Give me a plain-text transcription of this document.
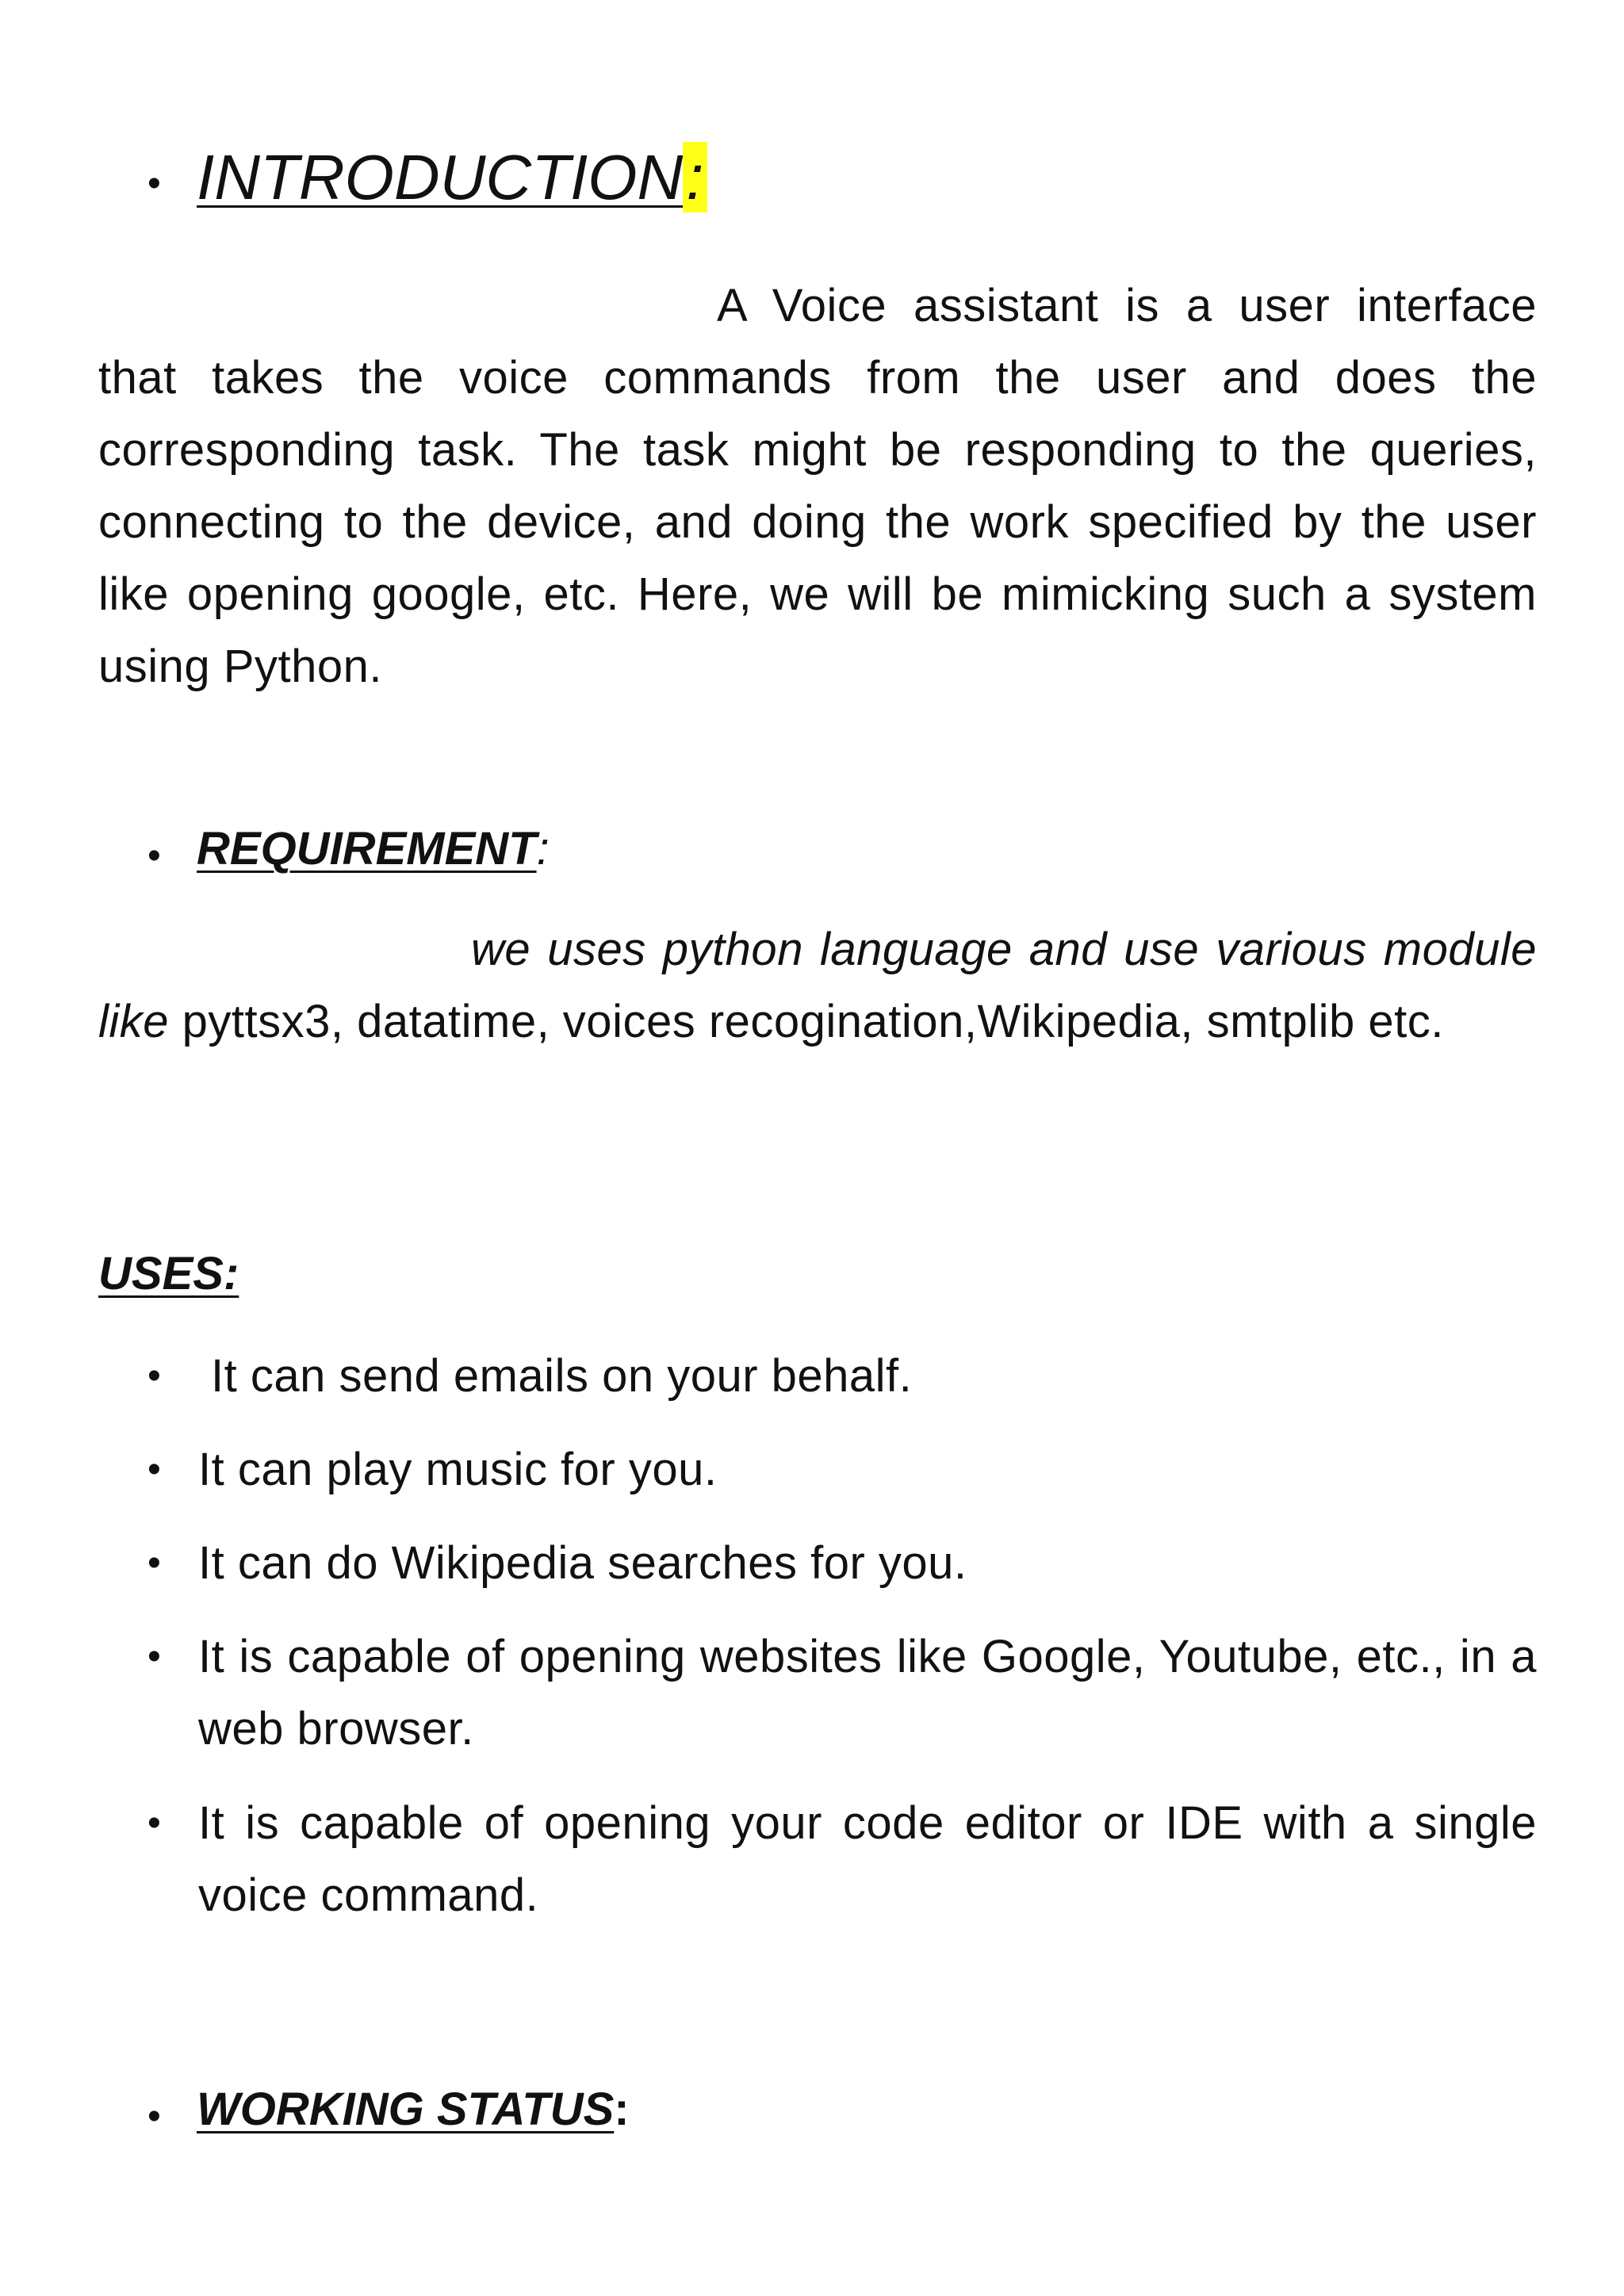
• INTRODUCTION:

A Voice assistant is a user interface that takes the voice commands from the user and does the corresponding task. The task might be responding to the queries, connecting to the device, and doing the work specified by the user like opening google, etc. Here, we will be mimicking such a system using Python.

• REQUIREMENT:

we uses python language and use various module like pyttsx3, datatime, voices recogination,Wikipedia, smtplib etc.

USES:
• It can send emails on your behalf.
• It can play music for you.
• It can do Wikipedia searches for you.
• It is capable of opening websites like Google, Youtube, etc., in a web browser.
• It is capable of opening your code editor or IDE with a single voice command.
• WORKING STATUS:
